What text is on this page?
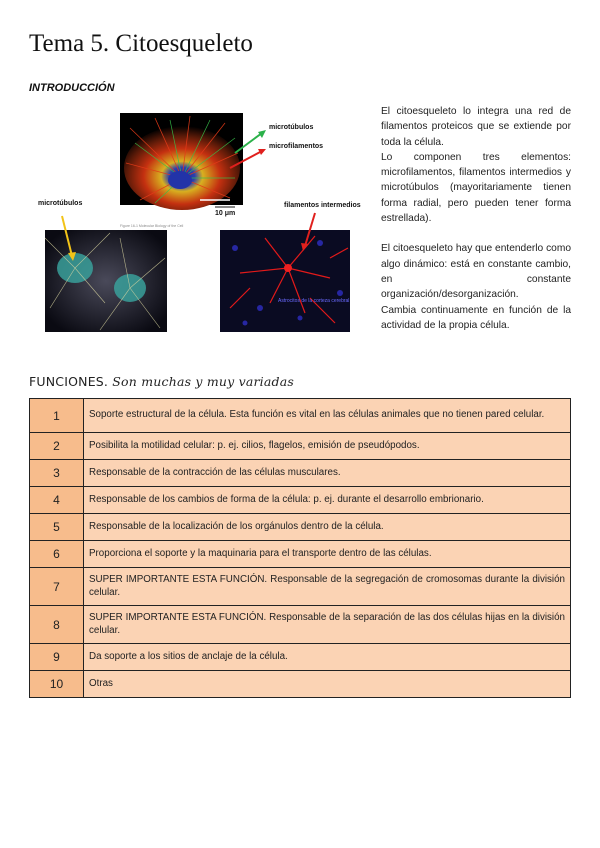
Tema 5. Citoesqueleto
INTRODUCCIÓN
microtúbulos
microfilamentos
10 μm
microtúbulos	filamentos intermedios
Figure 16-1 Molecular Biology of the Cell
Astrocitos de la corteza cerebral

El citoesqueleto lo integra una red de filamentos proteicos que se extiende por toda la célula.

Lo componen tres elementos: microfilamentos, filamentos intermedios y microtúbulos (mayoritariamente tienen forma radial, pero pueden tener forma estrellada).

El citoesqueleto hay que entenderlo como algo dinámico: está en constante cambio, en constante organización/desorganización.

Cambia continuamente en función de la actividad de la propia célula.

FUNCIONES. Son muchas y muy variadas
1	Soporte estructural de la célula. Esta función es vital en las células animales que no tienen pared celular.
2	Posibilita la motilidad celular: p. ej. cilios, flagelos, emisión de pseudópodos.
3	Responsable de la contracción de las células musculares.
4	Responsable de los cambios de forma de la célula: p. ej. durante el desarrollo embrionario.
5	Responsable de la localización de los orgánulos dentro de la célula.
6	Proporciona el soporte y la maquinaria para el transporte dentro de las células.
7	SUPER IMPORTANTE ESTA FUNCIÓN. Responsable de la segregación de cromosomas durante la división celular.
8	SUPER IMPORTANTE ESTA FUNCIÓN. Responsable de la separación de las dos células hijas en la división celular.
9	Da soporte a los sitios de anclaje de la célula.
10	Otras
